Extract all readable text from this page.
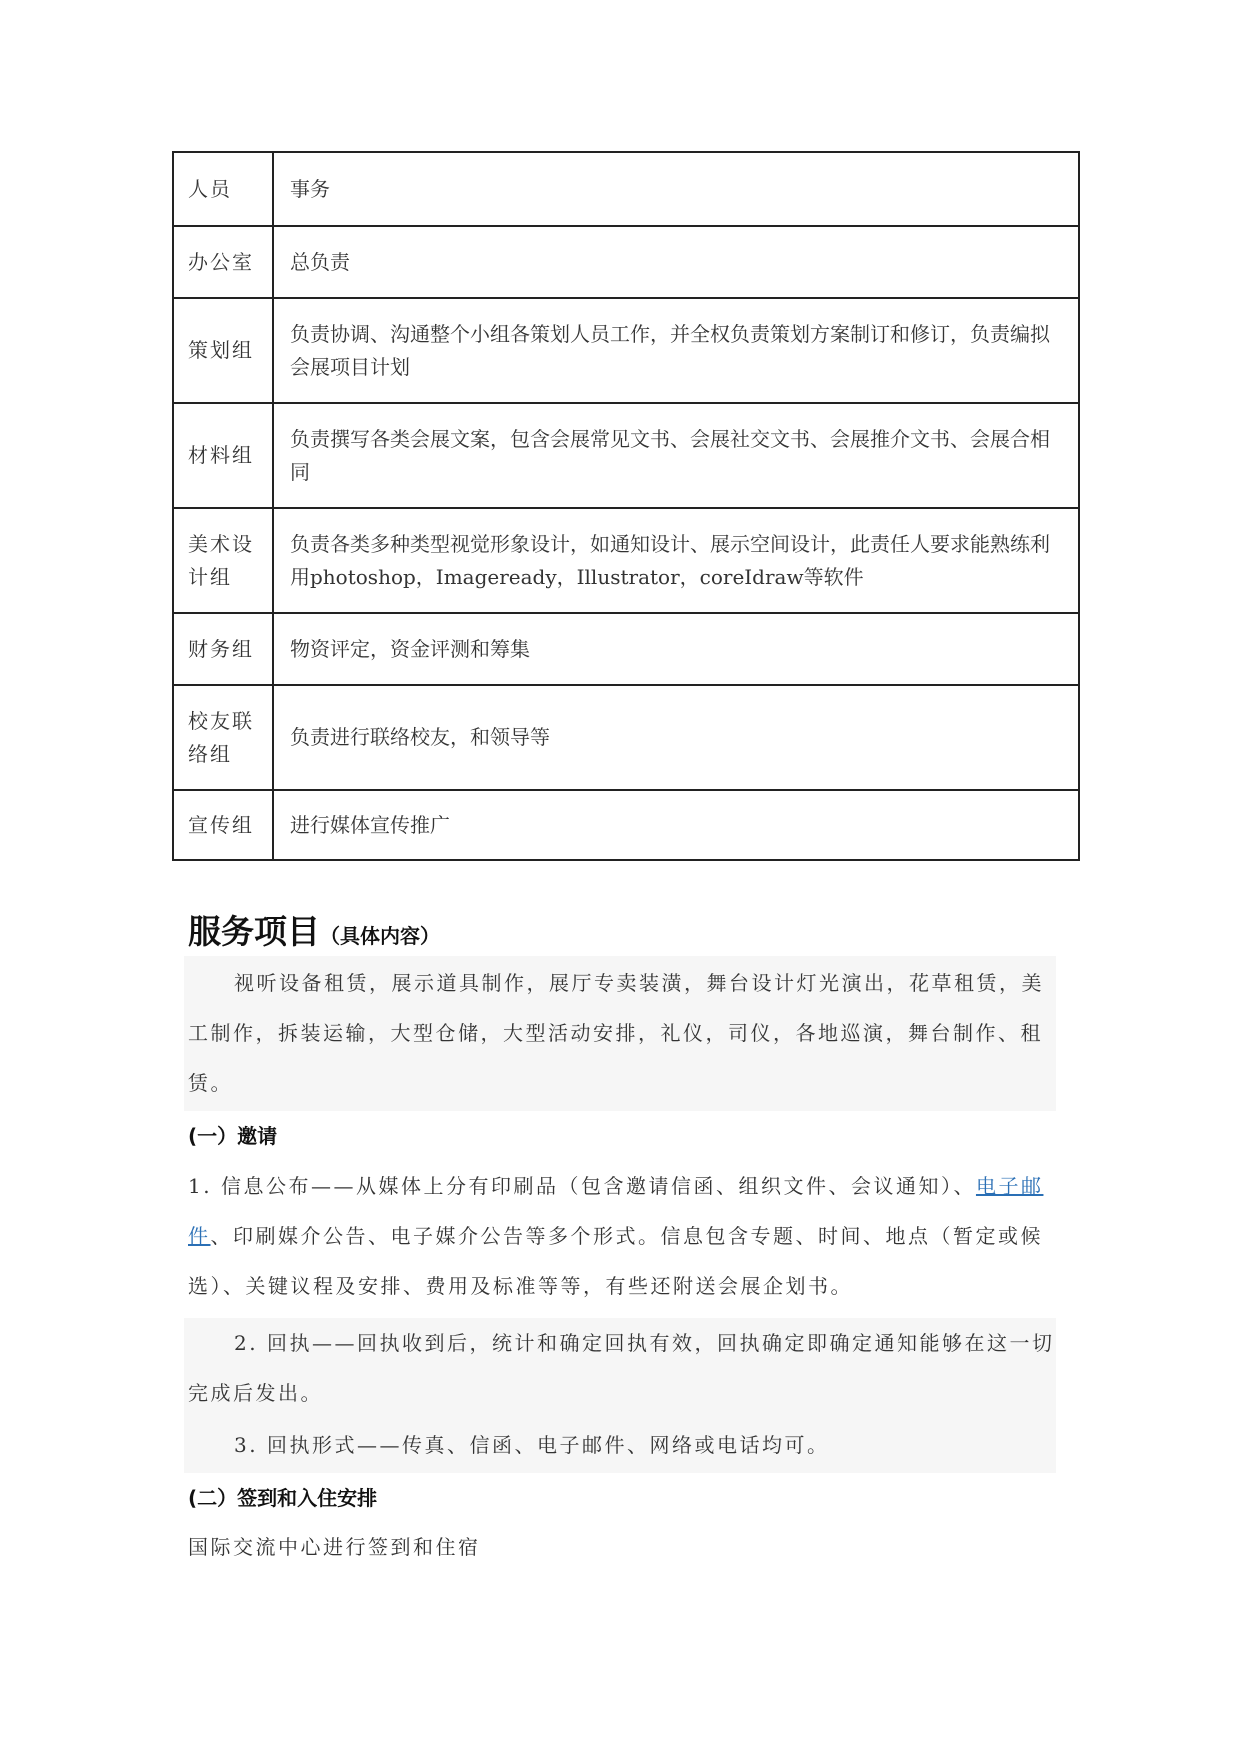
人员	事务
办公室	总负责
策划组	负责协调、沟通整个小组各策划人员工作，并全权负责策划方案制订和修订，负责编拟会展项目计划
材料组	负责撰写各类会展文案，包含会展常见文书、会展社交文书、会展推介文书、会展合相同
美术设计组	负责各类多种类型视觉形象设计，如通知设计、展示空间设计，此责任人要求能熟练利用photoshop，Imageready，Illustrator，coreIdraw等软件
财务组	物资评定，资金评测和筹集
校友联络组	负责进行联络校友，和领导等
宣传组	进行媒体宣传推广
服务项目（具体内容）
视听设备租赁，展示道具制作，展厅专卖装潢，舞台设计灯光演出，花草租赁，美工制作，拆装运输，大型仓储，大型活动安排，礼仪，司仪，各地巡演，舞台制作、租赁。
(一）邀请
1. 信息公布——从媒体上分有印刷品（包含邀请信函、组织文件、会议通知）、电子邮件、印刷媒介公告、电子媒介公告等多个形式。信息包含专题、时间、地点（暂定或候选）、关键议程及安排、费用及标准等等，有些还附送会展企划书。
2. 回执——回执收到后，统计和确定回执有效，回执确定即确定通知能够在这一切完成后发出。
3. 回执形式——传真、信函、电子邮件、网络或电话均可。
(二）签到和入住安排
国际交流中心进行签到和住宿
